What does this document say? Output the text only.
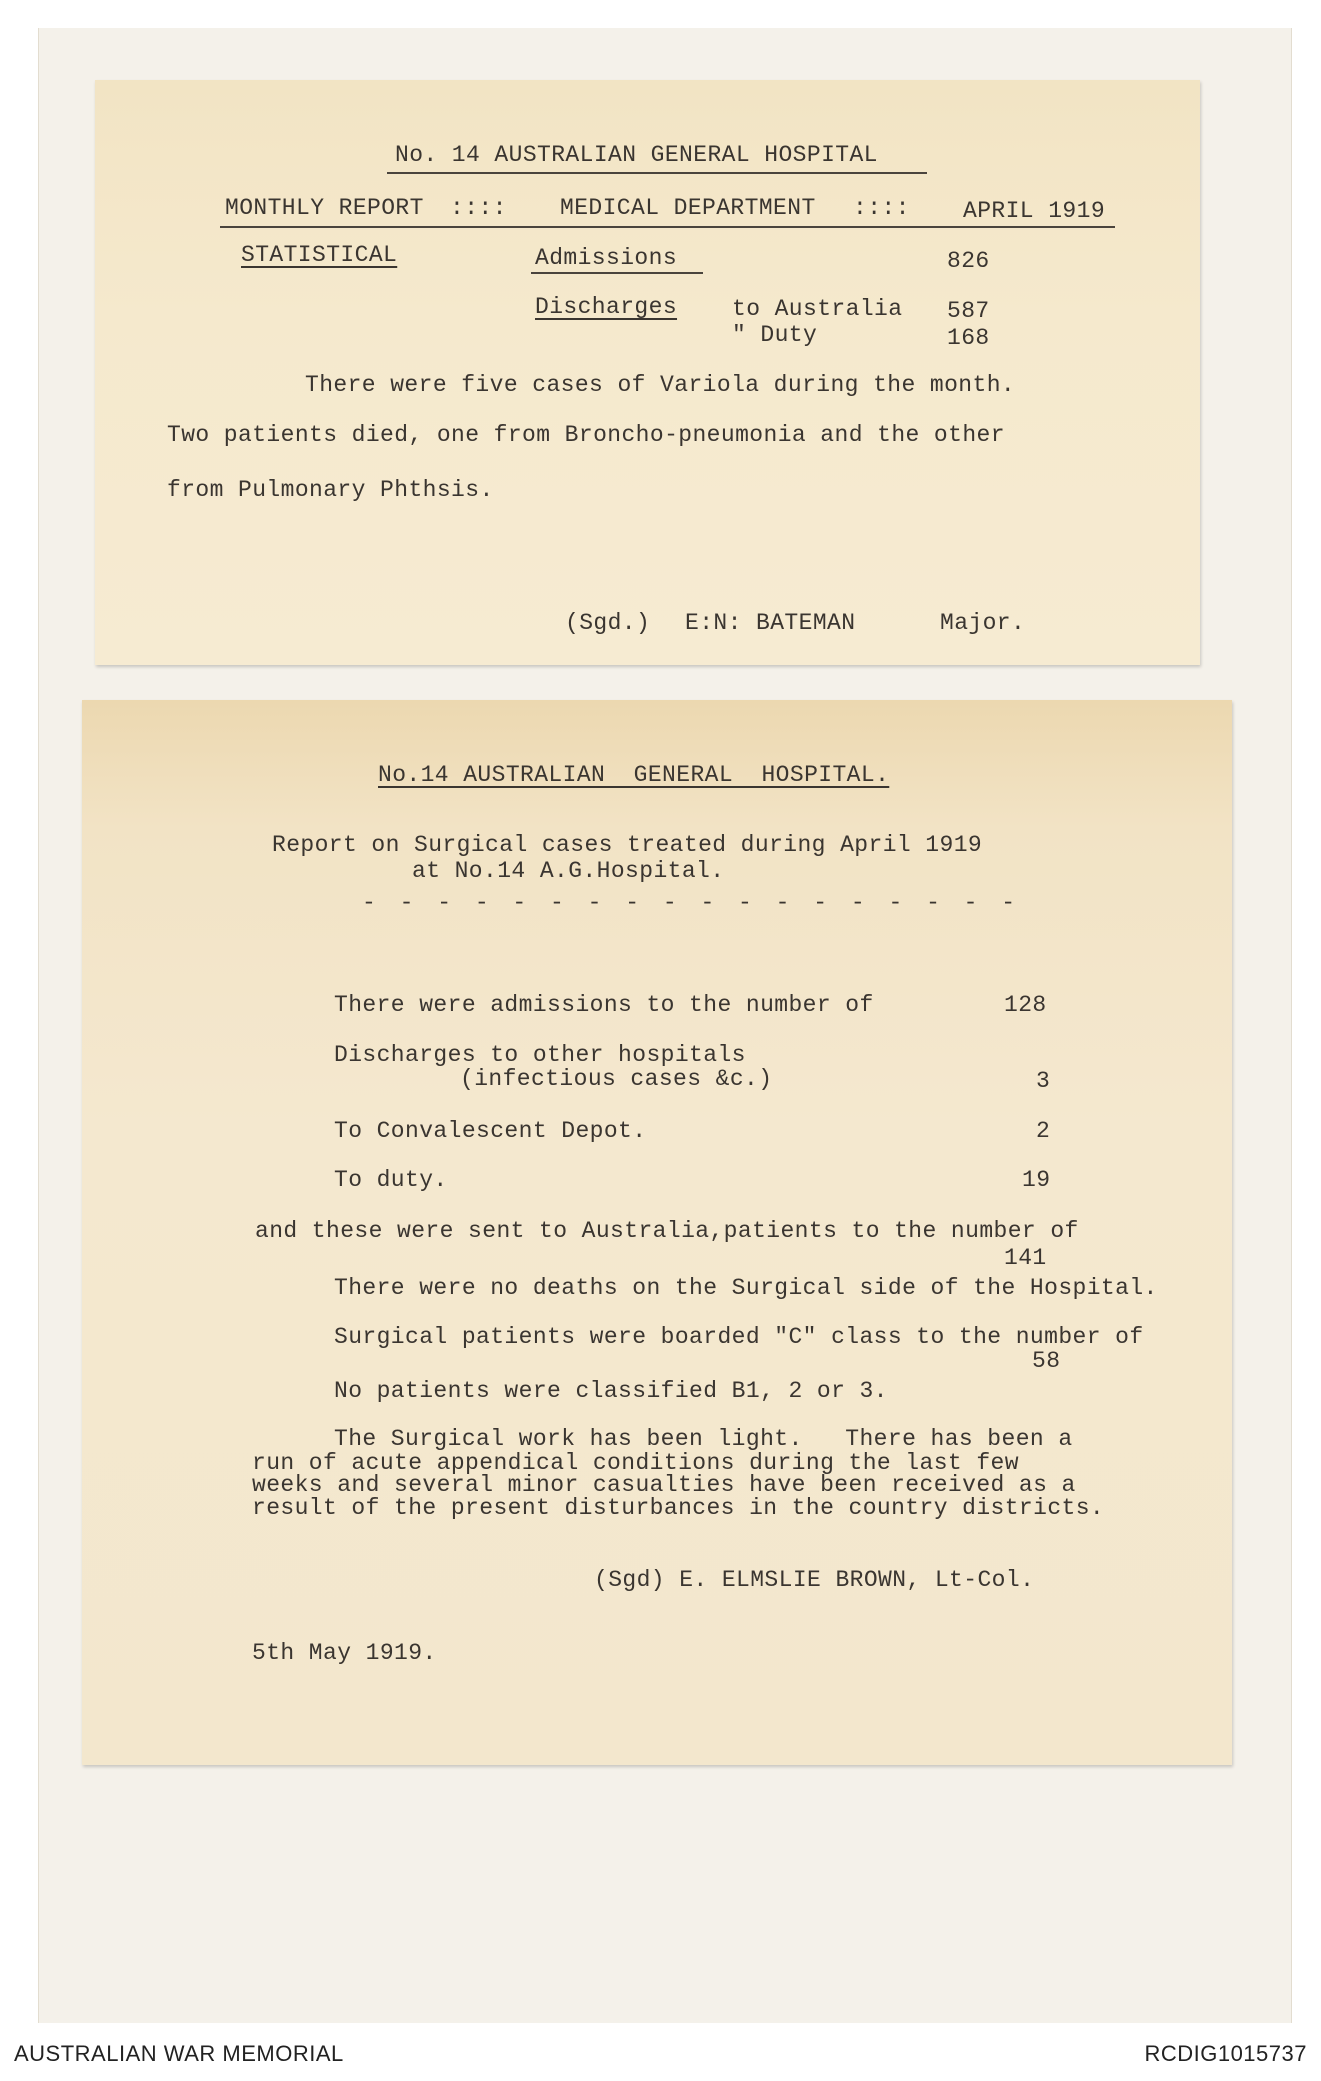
No. 14 AUSTRALIAN GENERAL HOSPITAL
MONTHLY REPORT :::: MEDICAL DEPARTMENT :::: APRIL 1919
STATISTICAL	Admissions	826
Discharges to Australia 587
" Duty	168
There were five cases of Variola during the month.
Two patients died, one from Broncho-pneumonia and the other
from Pulmonary Phthsis.
(Sgd.) E:N: BATEMAN	Major.
No.14 AUSTRALIAN  GENERAL  HOSPITAL.
Report on Surgical cases treated during April 1919
at No.14 A.G.Hospital.
- - - - - - - - - - - - - - - - - -
There were admissions to the number of	128
Discharges to other hospitals
(infectious cases &c.)	3
To Convalescent Depot.	2
To duty.	19
and these were sent to Australia,patients to the number of
141
There were no deaths on the Surgical side of the Hospital.
Surgical patients were boarded "C" class to the number of
58
No patients were classified B1, 2 or 3.
The Surgical work has been light.   There has been a
run of acute appendical conditions during the last few
weeks and several minor casualties have been received as a
result of the present disturbances in the country districts.
(Sgd) E. ELMSLIE BROWN, Lt-Col.
5th May 1919.
AUSTRALIAN WAR MEMORIAL	RCDIG1015737
